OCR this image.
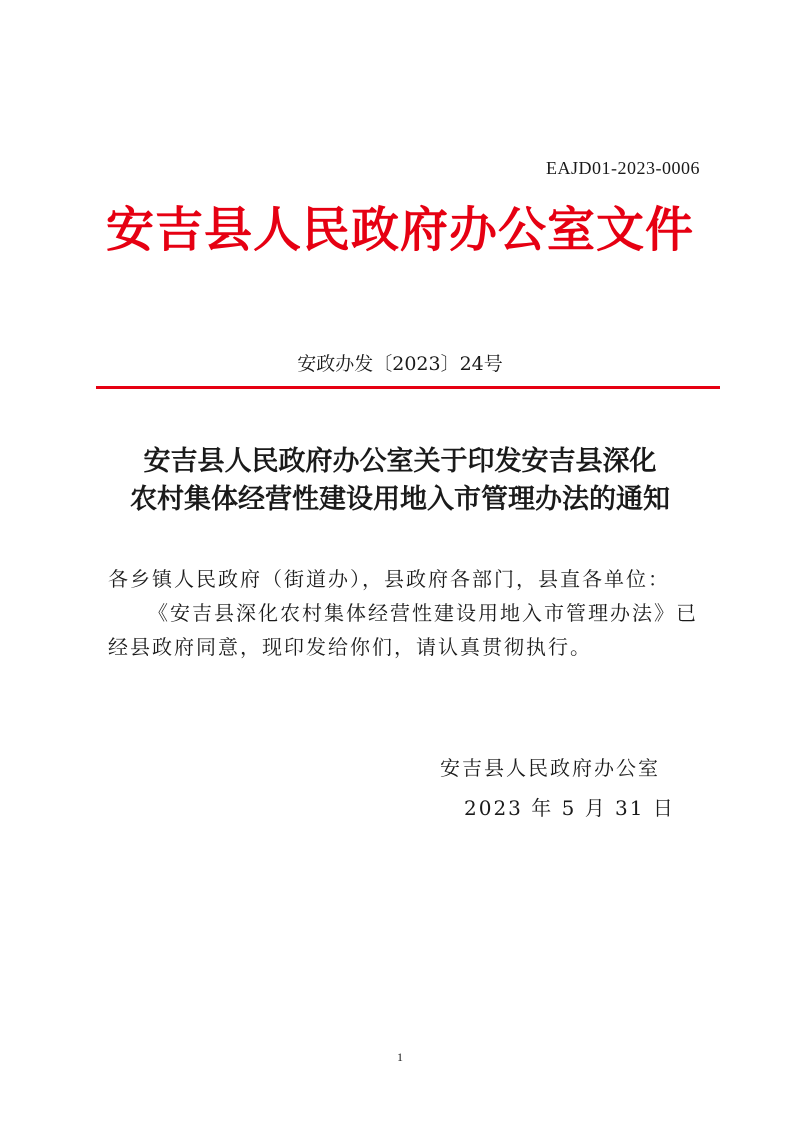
EAJD01-2023-0006
安吉县人民政府办公室文件
安政办发〔2023〕24号
安吉县人民政府办公室关于印发安吉县深化
农村集体经营性建设用地入市管理办法的通知
各乡镇人民政府（街道办），县政府各部门，县直各单位：
《安吉县深化农村集体经营性建设用地入市管理办法》已经县政府同意，现印发给你们，请认真贯彻执行。
安吉县人民政府办公室
2023 年 5 月 31 日
1
